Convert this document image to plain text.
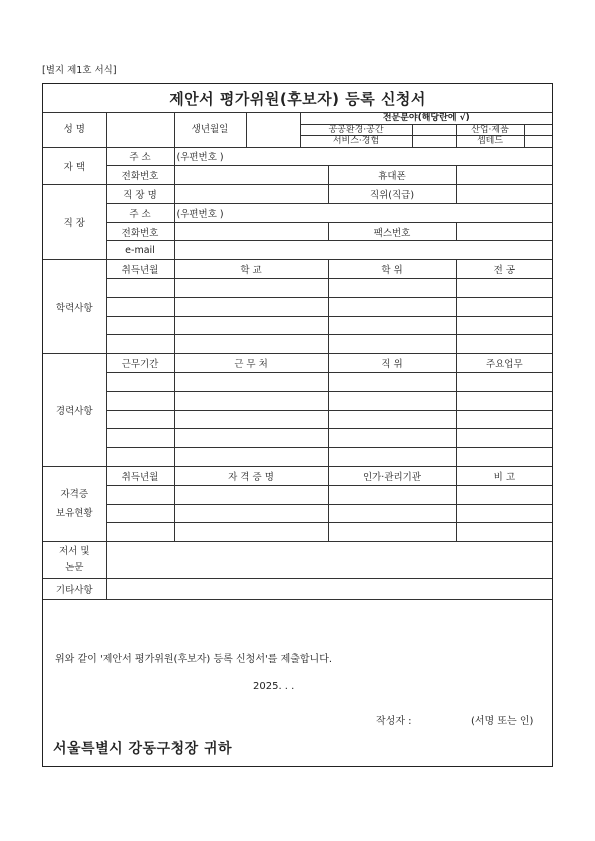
[별지 제1호 서식]
제안서 평가위원(후보자) 등록 신청서								
성 명		생년월일		전문분야(해당란에 √)				
				공공환경·공간			산업·제품	
				서비스·경험			셉테드	
자 택	주 소	(우편번호 )						
	전화번호				휴대폰			
직 장	직 장 명				직위(직급)			
	주 소	(우편번호 )						
	전화번호				팩스번호			
	e-mail							
학력사항	취득년월	학 교			학 위		전 공	

경력사항	근무기간	근 무 처			직 위		주요업무	

자격증
보유현황	취득년월	자 격 증 명			인가·관리기관		비 고	

저서 및
논문								
기타사항								
위와 같이 '제안서 평가위원(후보자) 등록 신청서'를 제출합니다.
2025. . .
작성자 :	(서명 또는 인)
서울특별시 강동구청장 귀하
